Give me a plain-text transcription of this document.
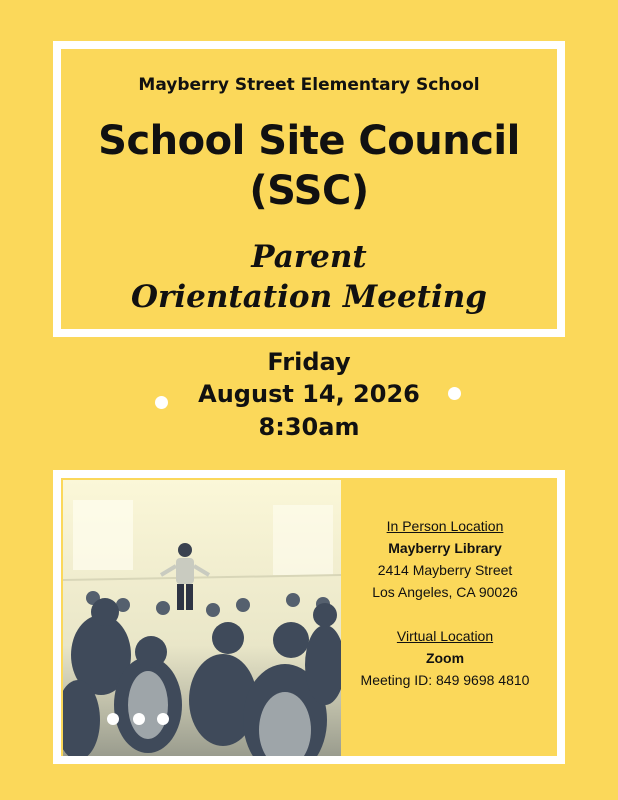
Mayberry Street Elementary School
School Site Council
(SSC)
Parent
Orientation Meeting
Friday
August 14, 2026
8:30am
In Person Location
Mayberry Library
2414 Mayberry Street
Los Angeles, CA 90026
Virtual Location
Zoom
Meeting ID: 849 9698 4810
